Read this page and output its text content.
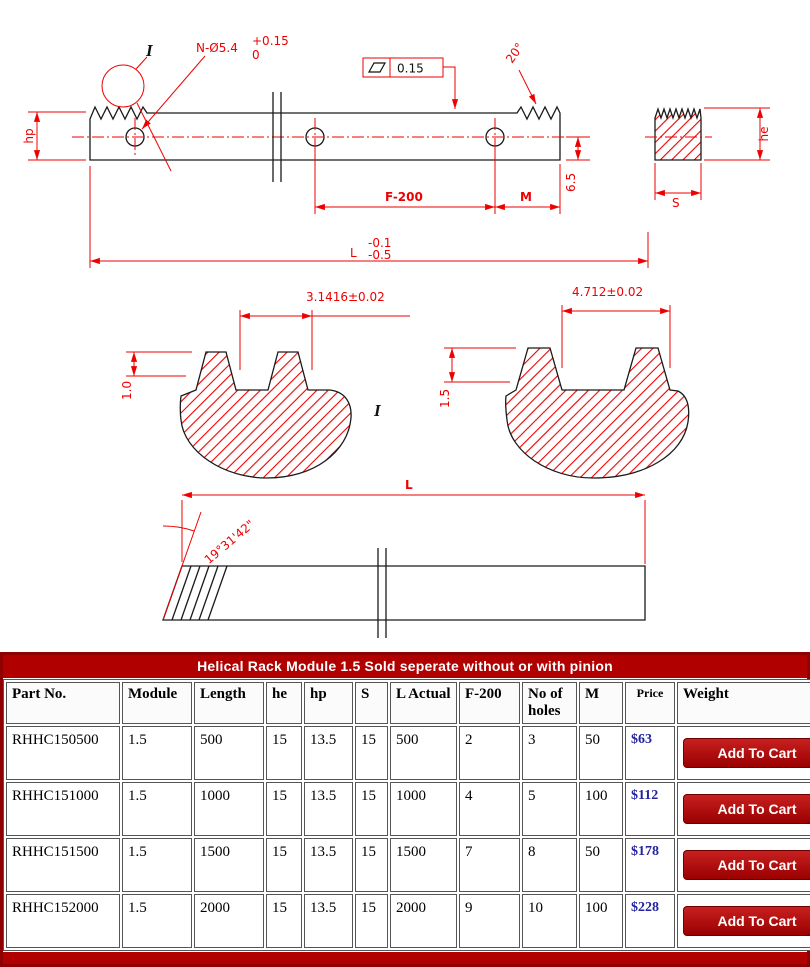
I	N-Ø5.4 +0.15
0
0.15
20°
hp
F-200	M
6.5
L
-0.1
-0.5
he
S
3.1416±0.02
1.0
I
4.712±0.02
1.5
L
19°31'42"
Helical Rack Module 1.5 Sold seperate without or with pinion
Part No.	Module	Length	he	hp	S	L Actual	F-200	No of holes	M	Price	Weight
RHHC150500	1.5	500	15	13.5	15	500	2	3	50	$63	Add To Cart
RHHC151000	1.5	1000	15	13.5	15	1000	4	5	100	$112	Add To Cart
RHHC151500	1.5	1500	15	13.5	15	1500	7	8	50	$178	Add To Cart
RHHC152000	1.5	2000	15	13.5	15	2000	9	10	100	$228	Add To Cart
